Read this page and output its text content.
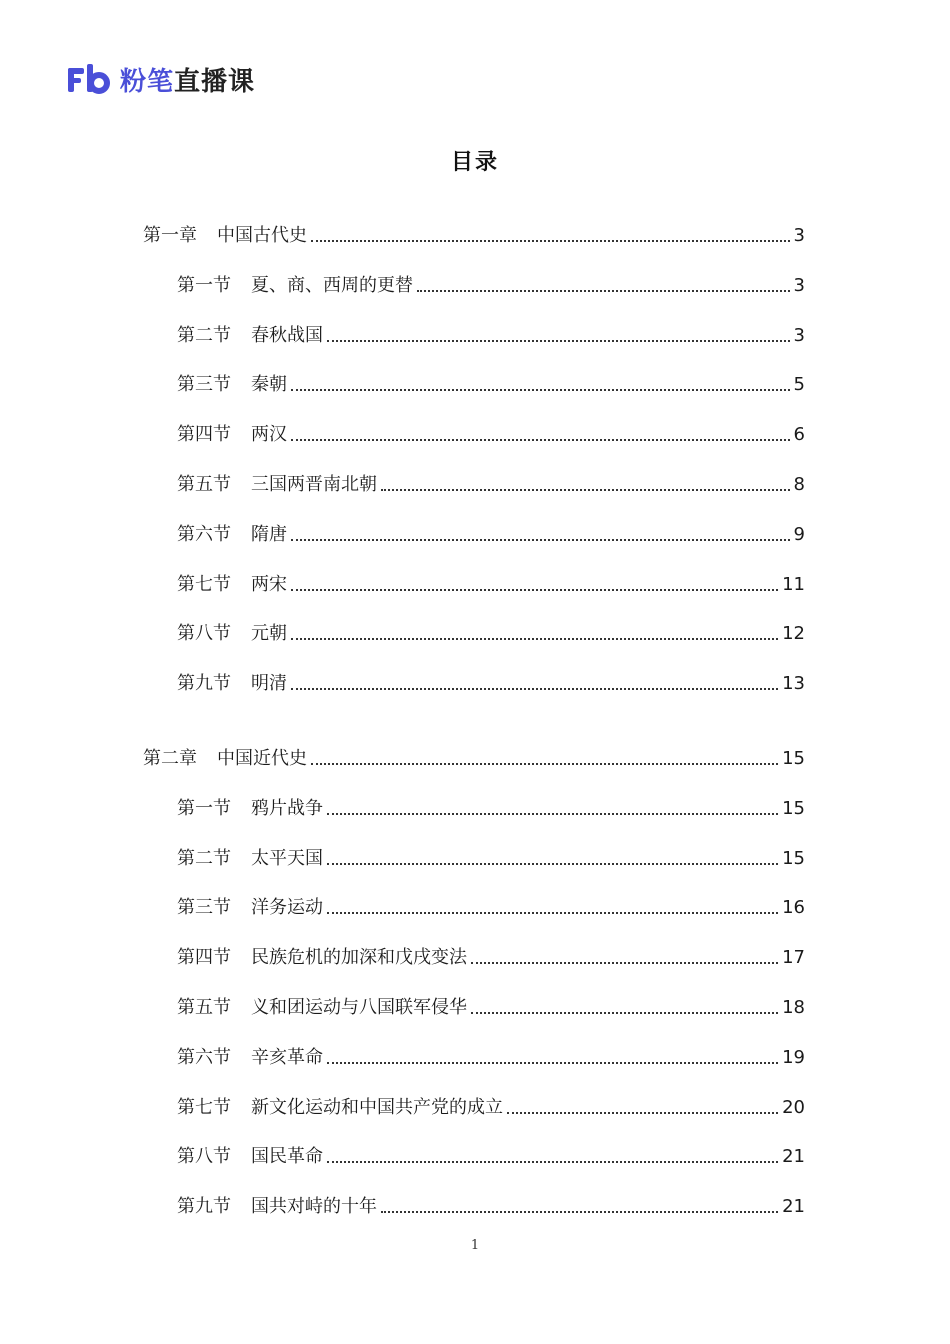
粉笔直播课
目录
第一章 中国古代史	3
第一节 夏、商、西周的更替	3
第二节 春秋战国	3
第三节 秦朝	5
第四节 两汉	6
第五节 三国两晋南北朝	8
第六节 隋唐	9
第七节 两宋	11
第八节 元朝	12
第九节 明清	13
第二章 中国近代史	15
第一节 鸦片战争	15
第二节 太平天国	15
第三节 洋务运动	16
第四节 民族危机的加深和戊戌变法	17
第五节 义和团运动与八国联军侵华	18
第六节 辛亥革命	19
第七节 新文化运动和中国共产党的成立	20
第八节 国民革命	21
第九节 国共对峙的十年	21
1
